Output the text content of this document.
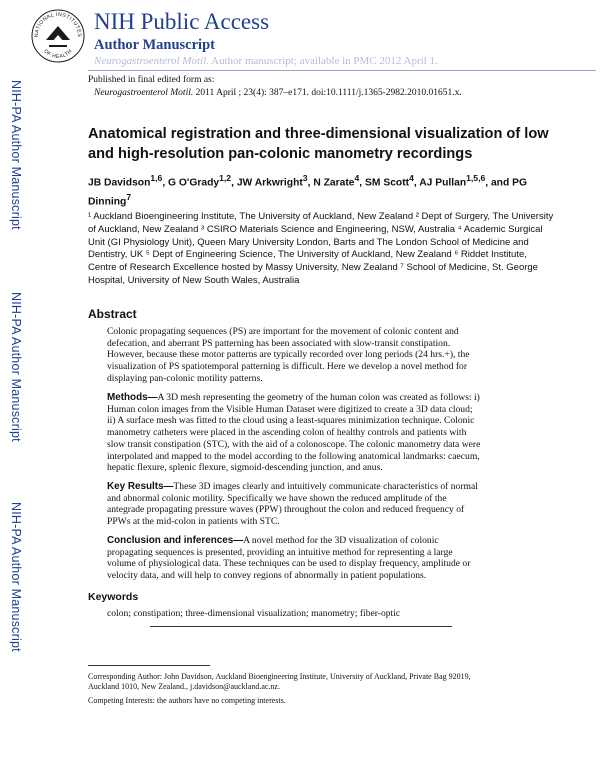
NATIONAL INSTITUTES
OF HEALTH
NIH Public Access
Author Manuscript
Neurogastroenterol Motil. Author manuscript; available in PMC 2012 April 1.
Published in final edited form as:
Neurogastroenterol Motil. 2011 April ; 23(4): 387–e171. doi:10.1111/j.1365-2982.2010.01651.x.
NIH-PA Author Manuscript
NIH-PA Author Manuscript
NIH-PA Author Manuscript
Anatomical registration and three-dimensional visualization of low and high-resolution pan-colonic manometry recordings
JB Davidson$^{1,6}$, G O'Grady$^{1,2}$, JW Arkwright$^3$, N Zarate$^4$, SM Scott$^4$, AJ Pullan$^{1,5,6}$, and PG Dinning$^7$
¹ Auckland Bioengineering Institute, The University of Auckland, New Zealand ² Dept of Surgery, The University of Auckland, New Zealand ³ CSIRO Materials Science and Engineering, NSW, Australia ⁴ Academic Surgical Unit (GI Physiology Unit), Queen Mary University London, Barts and The London School of Medicine and Dentistry, UK ⁵ Dept of Engineering Science, The University of Auckland, New Zealand ⁶ Riddet Institute, Centre of Research Excellence hosted by Massy University, New Zealand ⁷ School of Medicine, St. George Hospital, University of New South Wales, Australia
Abstract
Colonic propagating sequences (PS) are important for the movement of colonic content and defecation, and aberrant PS patterning has been associated with slow-transit constipation. However, because these motor patterns are typically recorded over long periods (24 hrs.+), the visualization of PS spatiotemporal patterning is difficult. Here we develop a novel method for displaying pan-colonic motility patterns.
Methods—A 3D mesh representing the geometry of the human colon was created as follows: i) Human colon images from the Visible Human Dataset were digitized to create a 3D data cloud; ii) A surface mesh was fitted to the cloud using a least-squares minimization technique. Colonic manometry catheters were placed in the ascending colon of healthy controls and patients with slow transit constipation (STC), with the aid of a colonoscope. The colonic manometry data were interpolated and mapped to the model according to the following anatomical landmarks: caecum, hepatic flexure, splenic flexure, sigmoid-descending junction, and anus.
Key Results—These 3D images clearly and intuitively communicate characteristics of normal and abnormal colonic motility. Specifically we have shown the reduced amplitude of the antegrade propagating pressure waves (PPW) throughout the colon and reduced frequency of PPWs at the mid-colon in patients with STC.
Conclusion and inferences—A novel method for the 3D visualization of colonic propagating sequences is presented, providing an intuitive method for representing a large volume of physiological data. These techniques can be used to display frequency, amplitude or velocity data, and will help to convey regions of abnormally in patient populations.
Keywords
colon; constipation; three-dimensional visualization; manometry; fiber-optic
Corresponding Author: John Davidson, Auckland Bioengineering Institute, University of Auckland, Private Bag 92019, Auckland 1010, New Zealand., j.davidson@auckland.ac.nz.
Competing Interests: the authors have no competing interests.
